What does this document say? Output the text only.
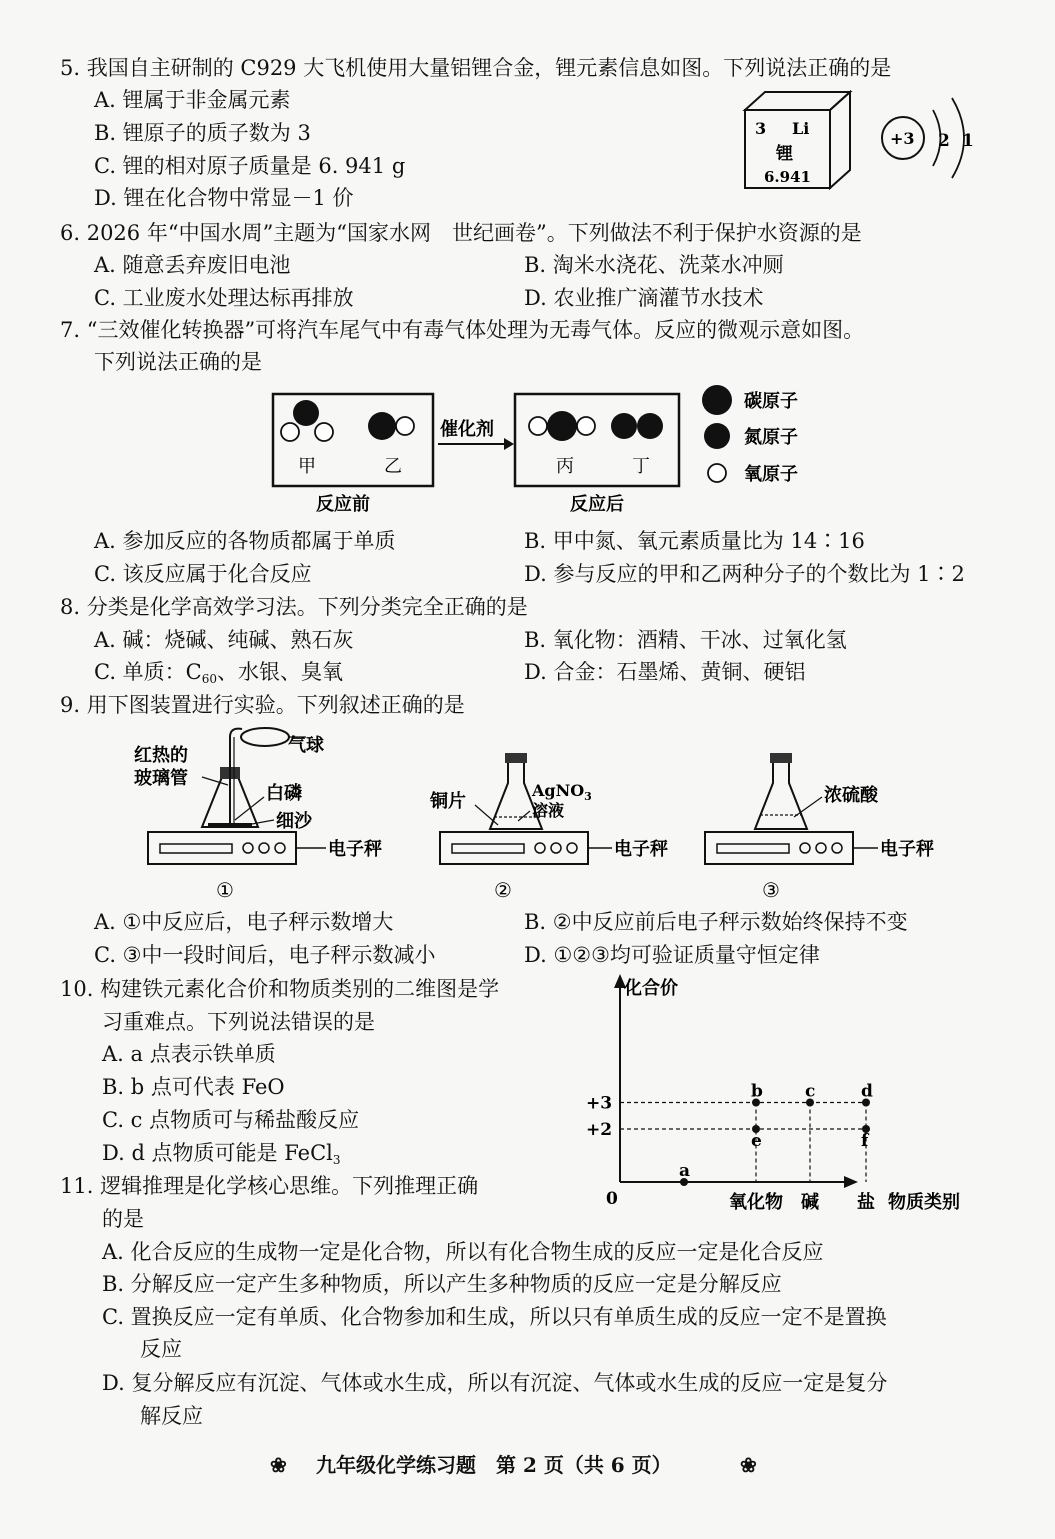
5. 我国自主研制的 C929 大飞机使用大量铝锂合金，锂元素信息如图。下列说法正确的是
A. 锂属于非金属元素
B. 锂原子的质子数为 3
C. 锂的相对原子质量是 6. 941 g
D. 锂在化合物中常显－1 价
3 Li
锂
6.941
+3 2 1
6. 2026 年“中国水周”主题为“国家水网　世纪画卷”。下列做法不利于保护水资源的是
A. 随意丢弃废旧电池	B. 淘米水浇花、洗菜水冲厕
C. 工业废水处理达标再排放	D. 农业推广滴灌节水技术
7. “三效催化转换器”可将汽车尾气中有毒气体处理为无毒气体。反应的微观示意如图。
下列说法正确的是
甲	乙
催化剂
丙	丁
反应前	反应后
碳原子
氮原子
氧原子
A. 参加反应的各物质都属于单质	B. 甲中氮、氧元素质量比为 14∶16
C. 该反应属于化合反应	D. 参与反应的甲和乙两种分子的个数比为 1∶2
8. 分类是化学高效学习法。下列分类完全正确的是
A. 碱：烧碱、纯碱、熟石灰	B. 氧化物：酒精、干冰、过氧化氢
C. 单质：$C_{60}$、水银、臭氧	D. 合金：石墨烯、黄铜、硬铝
9. 用下图装置进行实验。下列叙述正确的是
电子秤
气球
红热的
玻璃管
白磷
细沙
①
电子秤
铜片
AgNO$_3$
溶液
②
电子秤
浓硫酸
③
A. ①中反应后，电子秤示数增大	B. ②中反应前后电子秤示数始终保持不变
C. ③中一段时间后，电子秤示数减小	D. ①②③均可验证质量守恒定律
10. 构建铁元素化合价和物质类别的二维图是学
习重难点。下列说法错误的是
A. a 点表示铁单质
B. b 点可代表 FeO
C. c 点物质可与稀盐酸反应
D. d 点物质可能是 FeCl$_3$
化合价
0	物质类别
+2
+3
氧化物 碱 盐
a
b c	d
e	f
11. 逻辑推理是化学核心思维。下列推理正确
的是
A. 化合反应的生成物一定是化合物，所以有化合物生成的反应一定是化合反应
B. 分解反应一定产生多种物质，所以产生多种物质的反应一定是分解反应
C. 置换反应一定有单质、化合物参加和生成，所以只有单质生成的反应一定不是置换
反应
D. 复分解反应有沉淀、气体或水生成，所以有沉淀、气体或水生成的反应一定是复分
解反应
❀ 九年级化学练习题　第 2 页（共 6 页）	❀
